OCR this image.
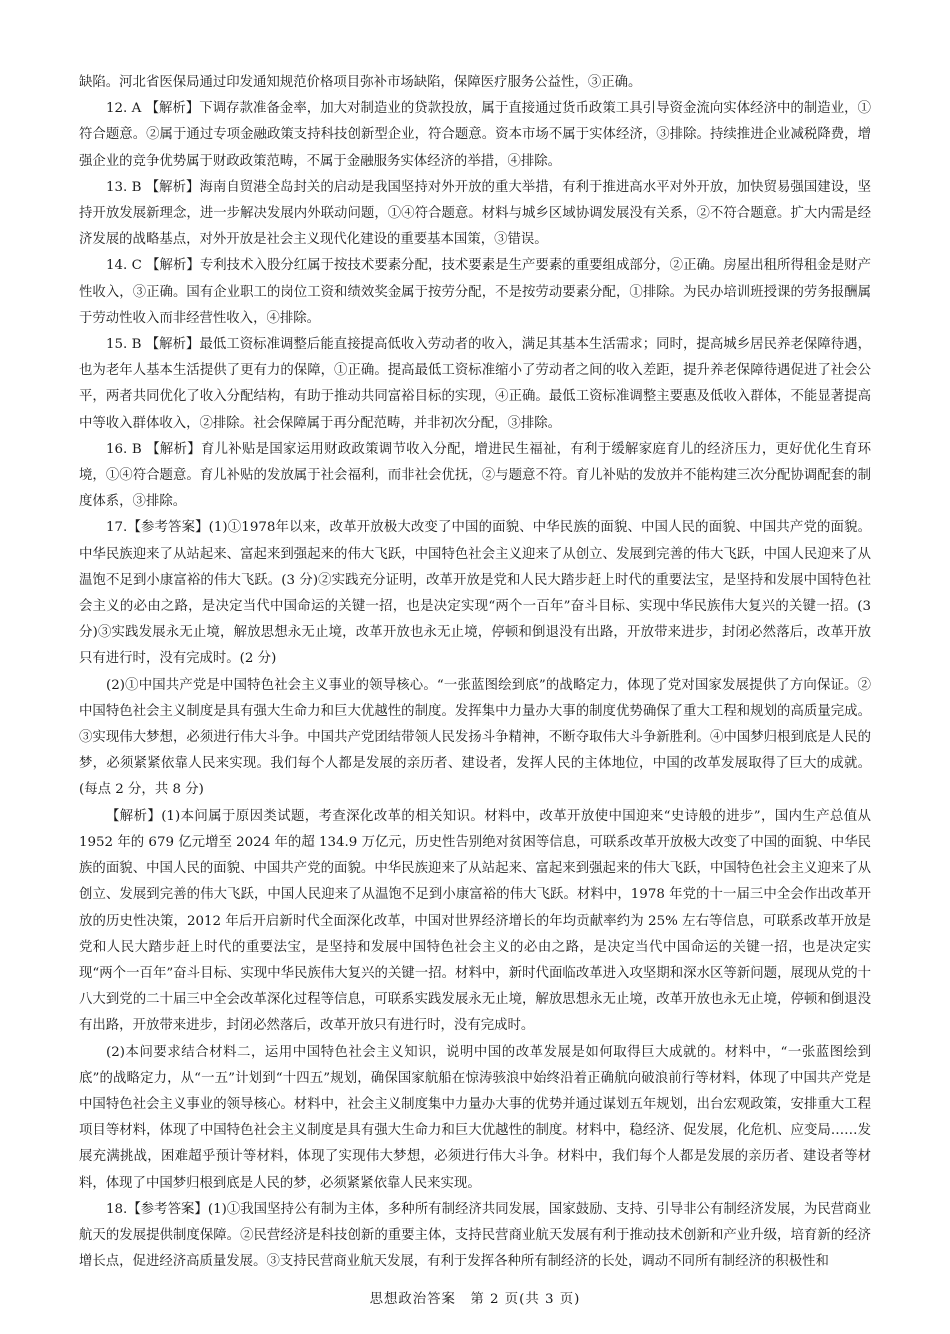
缺陷。河北省医保局通过印发通知规范价格项目弥补市场缺陷，保障医疗服务公益性，③正确。

12. A 【解析】下调存款准备金率，加大对制造业的贷款投放，属于直接通过货币政策工具引导资金流向实体经济中的制造业，①符合题意。②属于通过专项金融政策支持科技创新型企业，符合题意。资本市场不属于实体经济，③排除。持续推进企业减税降费，增强企业的竞争优势属于财政政策范畴，不属于金融服务实体经济的举措，④排除。

13. B 【解析】海南自贸港全岛封关的启动是我国坚持对外开放的重大举措，有利于推进高水平对外开放，加快贸易强国建设，坚持开放发展新理念，进一步解决发展内外联动问题，①④符合题意。材料与城乡区域协调发展没有关系，②不符合题意。扩大内需是经济发展的战略基点，对外开放是社会主义现代化建设的重要基本国策，③错误。

14. C 【解析】专利技术入股分红属于按技术要素分配，技术要素是生产要素的重要组成部分，②正确。房屋出租所得租金是财产性收入，③正确。国有企业职工的岗位工资和绩效奖金属于按劳分配，不是按劳动要素分配，①排除。为民办培训班授课的劳务报酬属于劳动性收入而非经营性收入，④排除。

15. B 【解析】最低工资标准调整后能直接提高低收入劳动者的收入，满足其基本生活需求；同时，提高城乡居民养老保障待遇，也为老年人基本生活提供了更有力的保障，①正确。提高最低工资标准缩小了劳动者之间的收入差距，提升养老保障待遇促进了社会公平，两者共同优化了收入分配结构，有助于推动共同富裕目标的实现，④正确。最低工资标准调整主要惠及低收入群体，不能显著提高中等收入群体收入，②排除。社会保障属于再分配范畴，并非初次分配，③排除。

16. B 【解析】育儿补贴是国家运用财政政策调节收入分配，增进民生福祉，有利于缓解家庭育儿的经济压力，更好优化生育环境，①④符合题意。育儿补贴的发放属于社会福利，而非社会优抚，②与题意不符。育儿补贴的发放并不能构建三次分配协调配套的制度体系，③排除。

17.【参考答案】(1)①1978年以来，改革开放极大改变了中国的面貌、中华民族的面貌、中国人民的面貌、中国共产党的面貌。中华民族迎来了从站起来、富起来到强起来的伟大飞跃，中国特色社会主义迎来了从创立、发展到完善的伟大飞跃，中国人民迎来了从温饱不足到小康富裕的伟大飞跃。(3 分)②实践充分证明，改革开放是党和人民大踏步赶上时代的重要法宝，是坚持和发展中国特色社会主义的必由之路，是决定当代中国命运的关键一招，也是决定实现“两个一百年”奋斗目标、实现中华民族伟大复兴的关键一招。(3 分)③实践发展永无止境，解放思想永无止境，改革开放也永无止境，停顿和倒退没有出路，开放带来进步，封闭必然落后，改革开放只有进行时，没有完成时。(2 分)

(2)①中国共产党是中国特色社会主义事业的领导核心。“一张蓝图绘到底”的战略定力，体现了党对国家发展提供了方向保证。②中国特色社会主义制度是具有强大生命力和巨大优越性的制度。发挥集中力量办大事的制度优势确保了重大工程和规划的高质量完成。③实现伟大梦想，必须进行伟大斗争。中国共产党团结带领人民发扬斗争精神，不断夺取伟大斗争新胜利。④中国梦归根到底是人民的梦，必须紧紧依靠人民来实现。我们每个人都是发展的亲历者、建设者，发挥人民的主体地位，中国的改革发展取得了巨大的成就。(每点 2 分，共 8 分)

【解析】(1)本问属于原因类试题，考查深化改革的相关知识。材料中，改革开放使中国迎来“史诗般的进步”，国内生产总值从1952 年的 679 亿元增至 2024 年的超 134.9 万亿元，历史性告别绝对贫困等信息，可联系改革开放极大改变了中国的面貌、中华民族的面貌、中国人民的面貌、中国共产党的面貌。中华民族迎来了从站起来、富起来到强起来的伟大飞跃，中国特色社会主义迎来了从创立、发展到完善的伟大飞跃，中国人民迎来了从温饱不足到小康富裕的伟大飞跃。材料中，1978 年党的十一届三中全会作出改革开放的历史性决策，2012 年后开启新时代全面深化改革，中国对世界经济增长的年均贡献率约为 25% 左右等信息，可联系改革开放是党和人民大踏步赶上时代的重要法宝，是坚持和发展中国特色社会主义的必由之路，是决定当代中国命运的关键一招，也是决定实现“两个一百年”奋斗目标、实现中华民族伟大复兴的关键一招。材料中，新时代面临改革进入攻坚期和深水区等新问题，展现从党的十八大到党的二十届三中全会改革深化过程等信息，可联系实践发展永无止境，解放思想永无止境，改革开放也永无止境，停顿和倒退没有出路，开放带来进步，封闭必然落后，改革开放只有进行时，没有完成时。

(2)本问要求结合材料二，运用中国特色社会主义知识，说明中国的改革发展是如何取得巨大成就的。材料中，“一张蓝图绘到底”的战略定力，从“一五”计划到“十四五”规划，确保国家航船在惊涛骇浪中始终沿着正确航向破浪前行等材料，体现了中国共产党是中国特色社会主义事业的领导核心。材料中，社会主义制度集中力量办大事的优势并通过谋划五年规划，出台宏观政策，安排重大工程项目等材料，体现了中国特色社会主义制度是具有强大生命力和巨大优越性的制度。材料中，稳经济、促发展，化危机、应变局……发展充满挑战，困难超乎预计等材料，体现了实现伟大梦想，必须进行伟大斗争。材料中，我们每个人都是发展的亲历者、建设者等材料，体现了中国梦归根到底是人民的梦，必须紧紧依靠人民来实现。

18.【参考答案】(1)①我国坚持公有制为主体，多种所有制经济共同发展，国家鼓励、支持、引导非公有制经济发展，为民营商业航天的发展提供制度保障。②民营经济是科技创新的重要主体，支持民营商业航天发展有利于推动技术创新和产业升级，培育新的经济增长点，促进经济高质量发展。③支持民营商业航天发展，有利于发挥各种所有制经济的长处，调动不同所有制经济的积极性和

思想政治答案　第 2 页(共 3 页)
